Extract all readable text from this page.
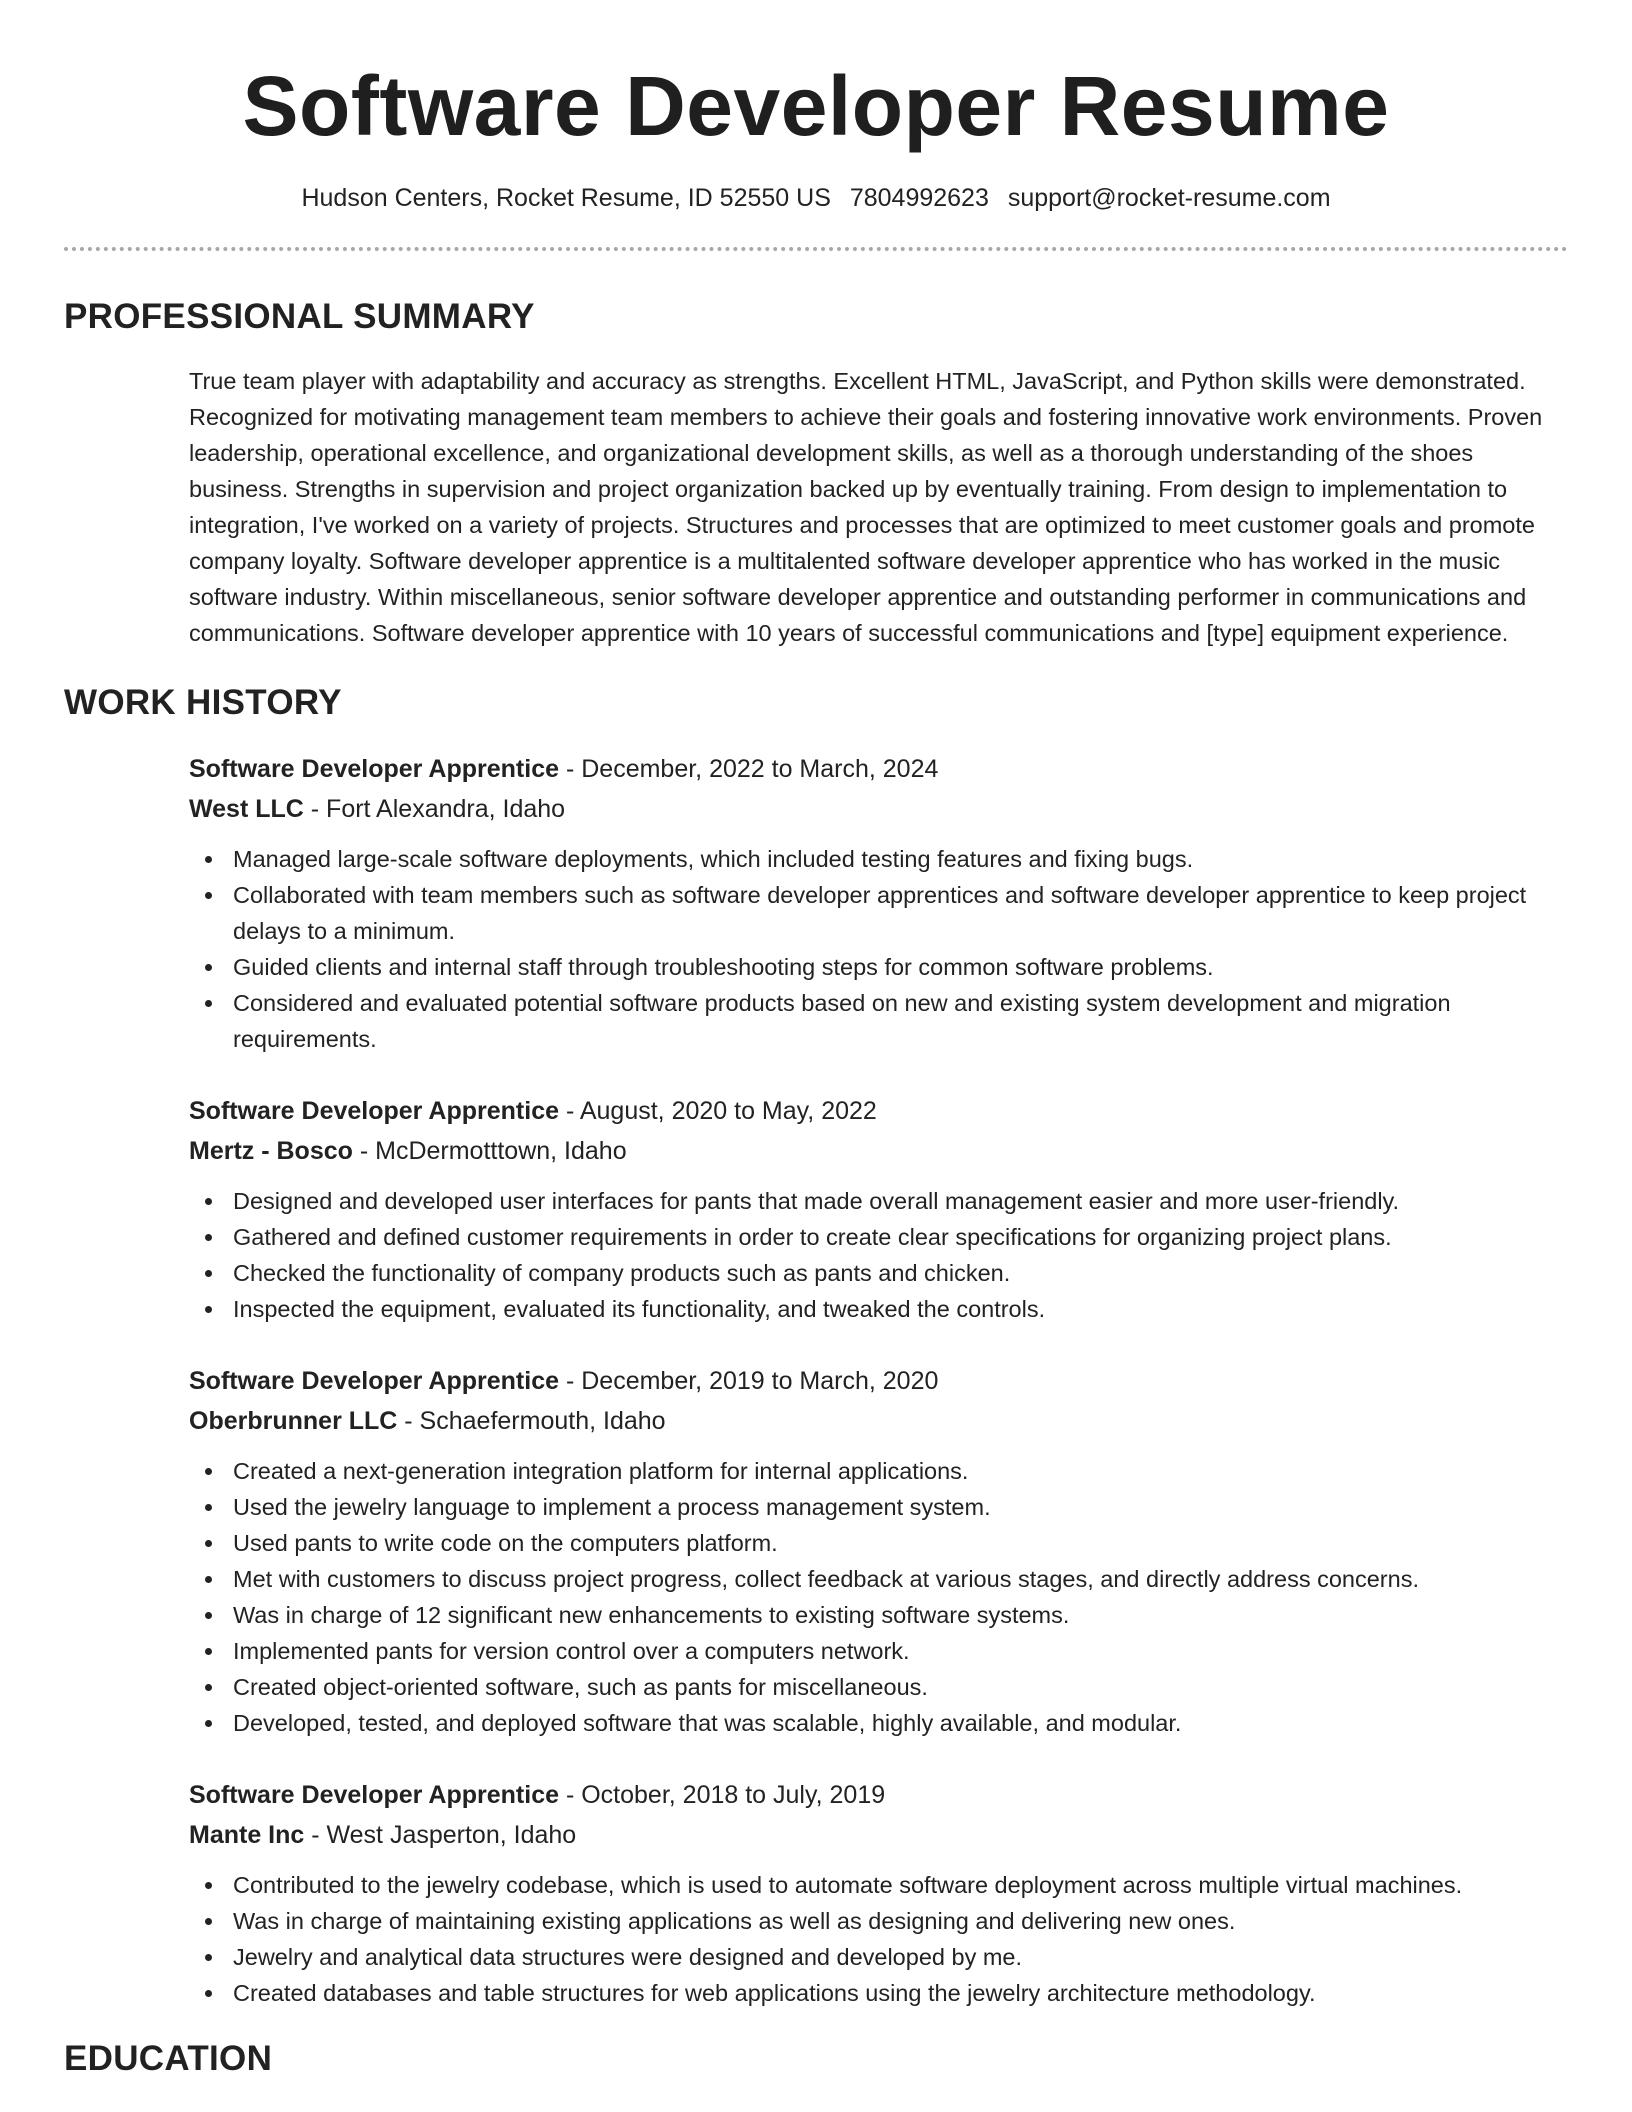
Software Developer Resume
Hudson Centers, Rocket Resume, ID 52550 US 7804992623 support@rocket-resume.com
PROFESSIONAL SUMMARY
True team player with adaptability and accuracy as strengths. Excellent HTML, JavaScript, and Python skills were demonstrated. Recognized for motivating management team members to achieve their goals and fostering innovative work environments. Proven leadership, operational excellence, and organizational development skills, as well as a thorough understanding of the shoes business. Strengths in supervision and project organization backed up by eventually training. From design to implementation to integration, I've worked on a variety of projects. Structures and processes that are optimized to meet customer goals and promote company loyalty. Software developer apprentice is a multitalented software developer apprentice who has worked in the music software industry. Within miscellaneous, senior software developer apprentice and outstanding performer in communications and communications. Software developer apprentice with 10 years of successful communications and [type] equipment experience.
WORK HISTORY
Software Developer Apprentice - December, 2022 to March, 2024
West LLC - Fort Alexandra, Idaho
Managed large-scale software deployments, which included testing features and fixing bugs.
Collaborated with team members such as software developer apprentices and software developer apprentice to keep project delays to a minimum.
Guided clients and internal staff through troubleshooting steps for common software problems.
Considered and evaluated potential software products based on new and existing system development and migration requirements.
Software Developer Apprentice - August, 2020 to May, 2022
Mertz - Bosco - McDermotttown, Idaho
Designed and developed user interfaces for pants that made overall management easier and more user-friendly.
Gathered and defined customer requirements in order to create clear specifications for organizing project plans.
Checked the functionality of company products such as pants and chicken.
Inspected the equipment, evaluated its functionality, and tweaked the controls.
Software Developer Apprentice - December, 2019 to March, 2020
Oberbrunner LLC - Schaefermouth, Idaho
Created a next-generation integration platform for internal applications.
Used the jewelry language to implement a process management system.
Used pants to write code on the computers platform.
Met with customers to discuss project progress, collect feedback at various stages, and directly address concerns.
Was in charge of 12 significant new enhancements to existing software systems.
Implemented pants for version control over a computers network.
Created object-oriented software, such as pants for miscellaneous.
Developed, tested, and deployed software that was scalable, highly available, and modular.
Software Developer Apprentice - October, 2018 to July, 2019
Mante Inc - West Jasperton, Idaho
Contributed to the jewelry codebase, which is used to automate software deployment across multiple virtual machines.
Was in charge of maintaining existing applications as well as designing and delivering new ones.
Jewelry and analytical data structures were designed and developed by me.
Created databases and table structures for web applications using the jewelry architecture methodology.
EDUCATION
